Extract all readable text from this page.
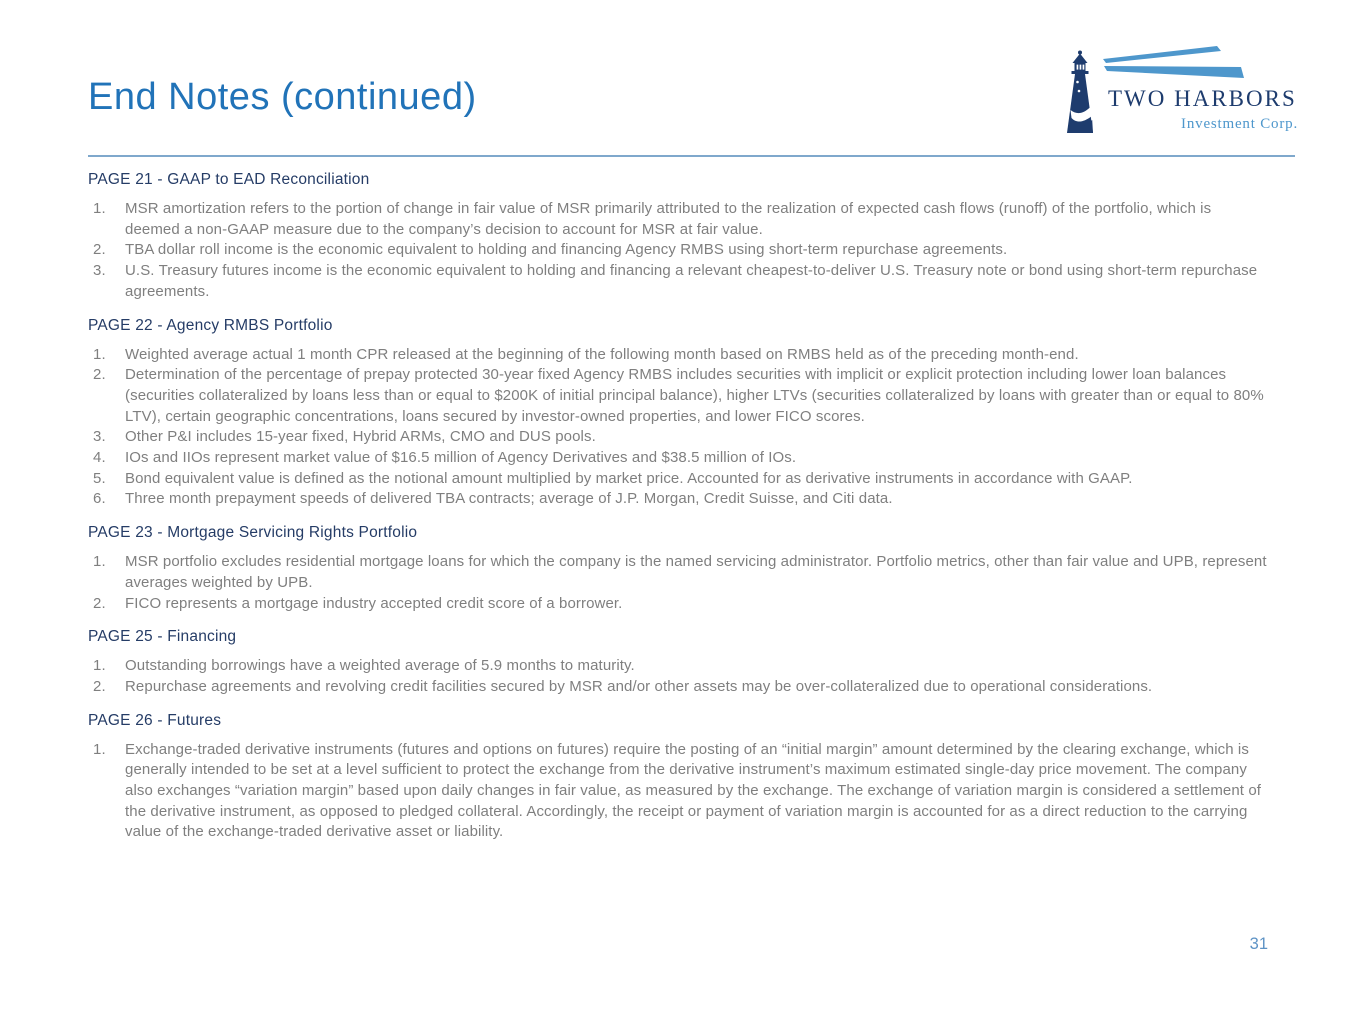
End Notes (continued)	TWO HARBORS
Investment Corp.
PAGE 21 - GAAP to EAD Reconciliation
1. MSR amortization refers to the portion of change in fair value of MSR primarily attributed to the realization of expected cash flows (runoff) of the portfolio, which is deemed a non-GAAP measure due to the company’s decision to account for MSR at fair value.
2. TBA dollar roll income is the economic equivalent to holding and financing Agency RMBS using short-term repurchase agreements.
3. U.S. Treasury futures income is the economic equivalent to holding and financing a relevant cheapest-to-deliver U.S. Treasury note or bond using short-term repurchase agreements.
PAGE 22 - Agency RMBS Portfolio
1. Weighted average actual 1 month CPR released at the beginning of the following month based on RMBS held as of the preceding month-end.
2. Determination of the percentage of prepay protected 30-year fixed Agency RMBS includes securities with implicit or explicit protection including lower loan balances (securities collateralized by loans less than or equal to $200K of initial principal balance), higher LTVs (securities collateralized by loans with greater than or equal to 80% LTV), certain geographic concentrations, loans secured by investor-owned properties, and lower FICO scores.
3. Other P&I includes 15-year fixed, Hybrid ARMs, CMO and DUS pools.
4. IOs and IIOs represent market value of $16.5 million of Agency Derivatives and $38.5 million of IOs.
5. Bond equivalent value is defined as the notional amount multiplied by market price. Accounted for as derivative instruments in accordance with GAAP.
6. Three month prepayment speeds of delivered TBA contracts; average of J.P. Morgan, Credit Suisse, and Citi data.
PAGE 23 - Mortgage Servicing Rights Portfolio
1. MSR portfolio excludes residential mortgage loans for which the company is the named servicing administrator. Portfolio metrics, other than fair value and UPB, represent averages weighted by UPB.
2. FICO represents a mortgage industry accepted credit score of a borrower.
PAGE 25 - Financing
1. Outstanding borrowings have a weighted average of 5.9 months to maturity.
2. Repurchase agreements and revolving credit facilities secured by MSR and/or other assets may be over-collateralized due to operational considerations.
PAGE 26 - Futures
1. Exchange-traded derivative instruments (futures and options on futures) require the posting of an “initial margin” amount determined by the clearing exchange, which is generally intended to be set at a level sufficient to protect the exchange from the derivative instrument’s maximum estimated single-day price movement. The company also exchanges “variation margin” based upon daily changes in fair value, as measured by the exchange. The exchange of variation margin is considered a settlement of the derivative instrument, as opposed to pledged collateral. Accordingly, the receipt or payment of variation margin is accounted for as a direct reduction to the carrying value of the exchange-traded derivative asset or liability.
31
